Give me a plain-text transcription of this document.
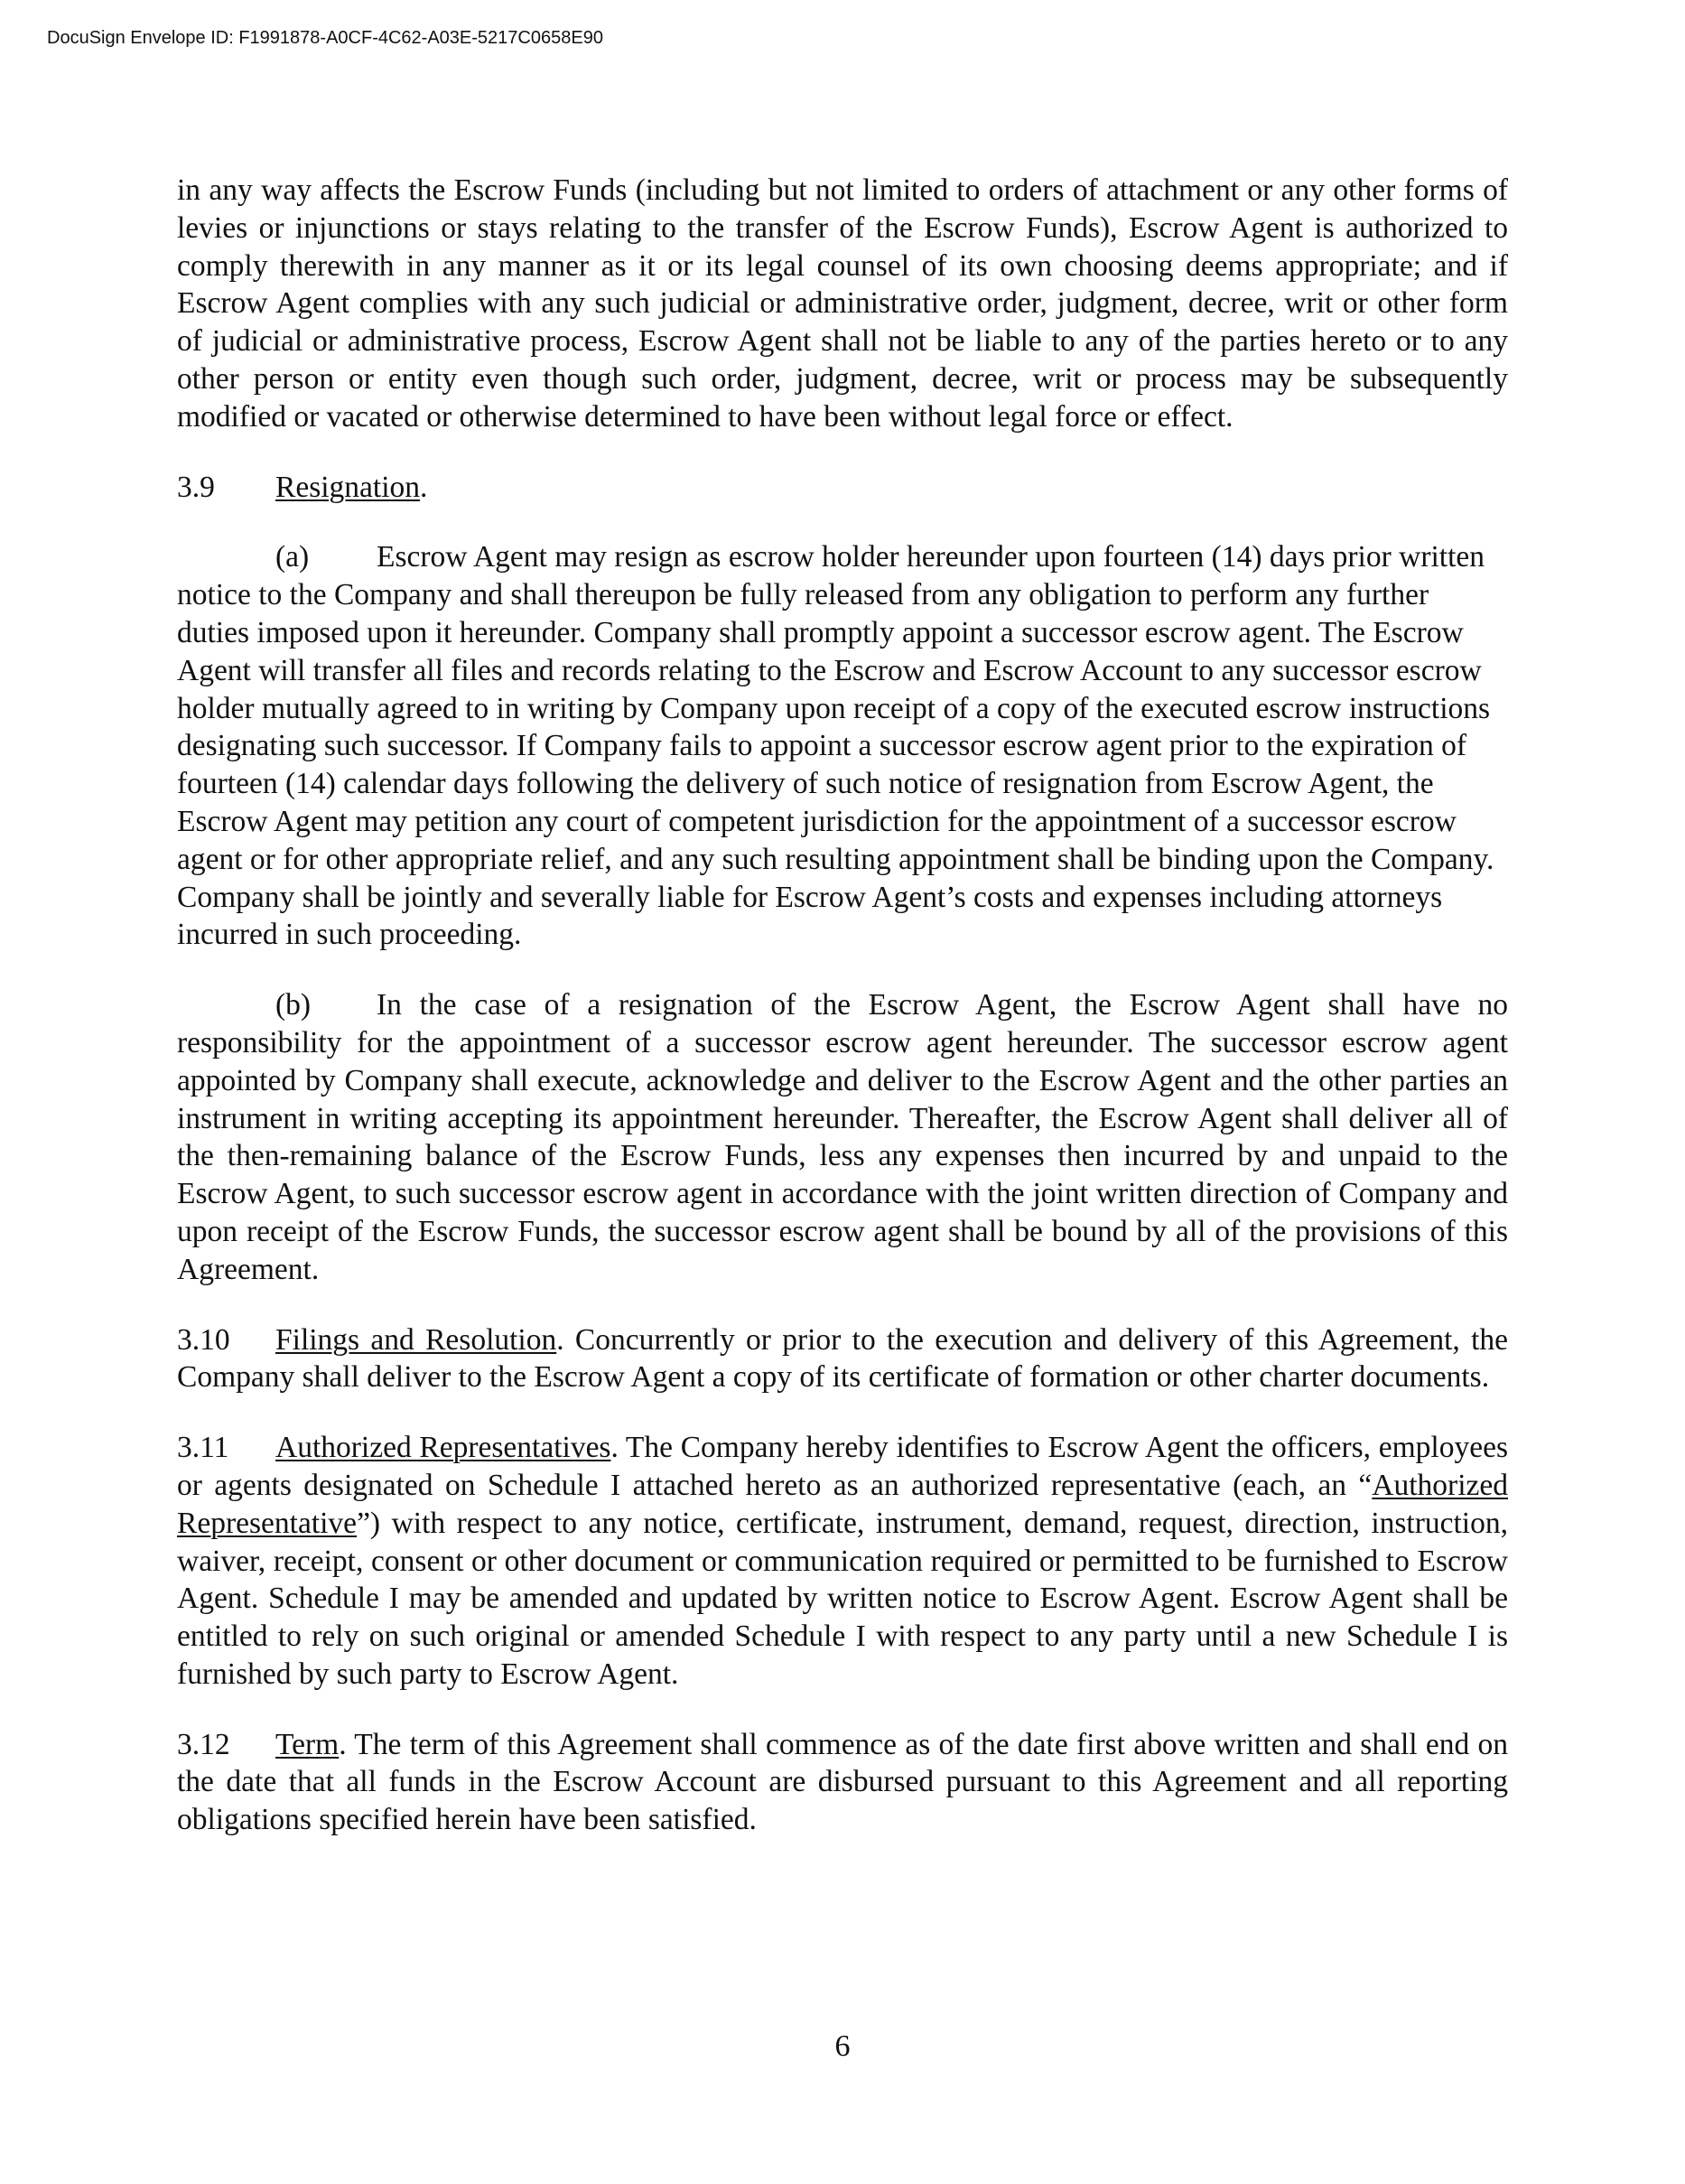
DocuSign Envelope ID: F1991878-A0CF-4C62-A03E-5217C0658E90

in any way affects the Escrow Funds (including but not limited to orders of attachment or any other forms of levies or injunctions or stays relating to the transfer of the Escrow Funds), Escrow Agent is authorized to comply therewith in any manner as it or its legal counsel of its own choosing deems appropriate; and if Escrow Agent complies with any such judicial or administrative order, judgment, decree, writ or other form of judicial or administrative process, Escrow Agent shall not be liable to any of the parties hereto or to any other person or entity even though such order, judgment, decree, writ or process may be subsequently modified or vacated or otherwise determined to have been without legal force or effect.

3.9 Resignation.

(a) Escrow Agent may resign as escrow holder hereunder upon fourteen (14) days prior written notice to the Company and shall thereupon be fully released from any obligation to perform any further duties imposed upon it hereunder. Company shall promptly appoint a successor escrow agent. The Escrow Agent will transfer all files and records relating to the Escrow and Escrow Account to any successor escrow holder mutually agreed to in writing by Company upon receipt of a copy of the executed escrow instructions designating such successor. If Company fails to appoint a successor escrow agent prior to the expiration of fourteen (14) calendar days following the delivery of such notice of resignation from Escrow Agent, the Escrow Agent may petition any court of competent jurisdiction for the appointment of a successor escrow agent or for other appropriate relief, and any such resulting appointment shall be binding upon the Company. Company shall be jointly and severally liable for Escrow Agent’s costs and expenses including attorneys incurred in such proceeding.

(b) In the case of a resignation of the Escrow Agent, the Escrow Agent shall have no responsibility for the appointment of a successor escrow agent hereunder. The successor escrow agent appointed by Company shall execute, acknowledge and deliver to the Escrow Agent and the other parties an instrument in writing accepting its appointment hereunder. Thereafter, the Escrow Agent shall deliver all of the then-remaining balance of the Escrow Funds, less any expenses then incurred by and unpaid to the Escrow Agent, to such successor escrow agent in accordance with the joint written direction of Company and upon receipt of the Escrow Funds, the successor escrow agent shall be bound by all of the provisions of this Agreement.

3.10 Filings and Resolution. Concurrently or prior to the execution and delivery of this Agreement, the Company shall deliver to the Escrow Agent a copy of its certificate of formation or other charter documents.

3.11 Authorized Representatives. The Company hereby identifies to Escrow Agent the officers, employees or agents designated on Schedule I attached hereto as an authorized representative (each, an “Authorized Representative”) with respect to any notice, certificate, instrument, demand, request, direction, instruction, waiver, receipt, consent or other document or communication required or permitted to be furnished to Escrow Agent. Schedule I may be amended and updated by written notice to Escrow Agent. Escrow Agent shall be entitled to rely on such original or amended Schedule I with respect to any party until a new Schedule I is furnished by such party to Escrow Agent.

3.12 Term. The term of this Agreement shall commence as of the date first above written and shall end on the date that all funds in the Escrow Account are disbursed pursuant to this Agreement and all reporting obligations specified herein have been satisfied.

6
